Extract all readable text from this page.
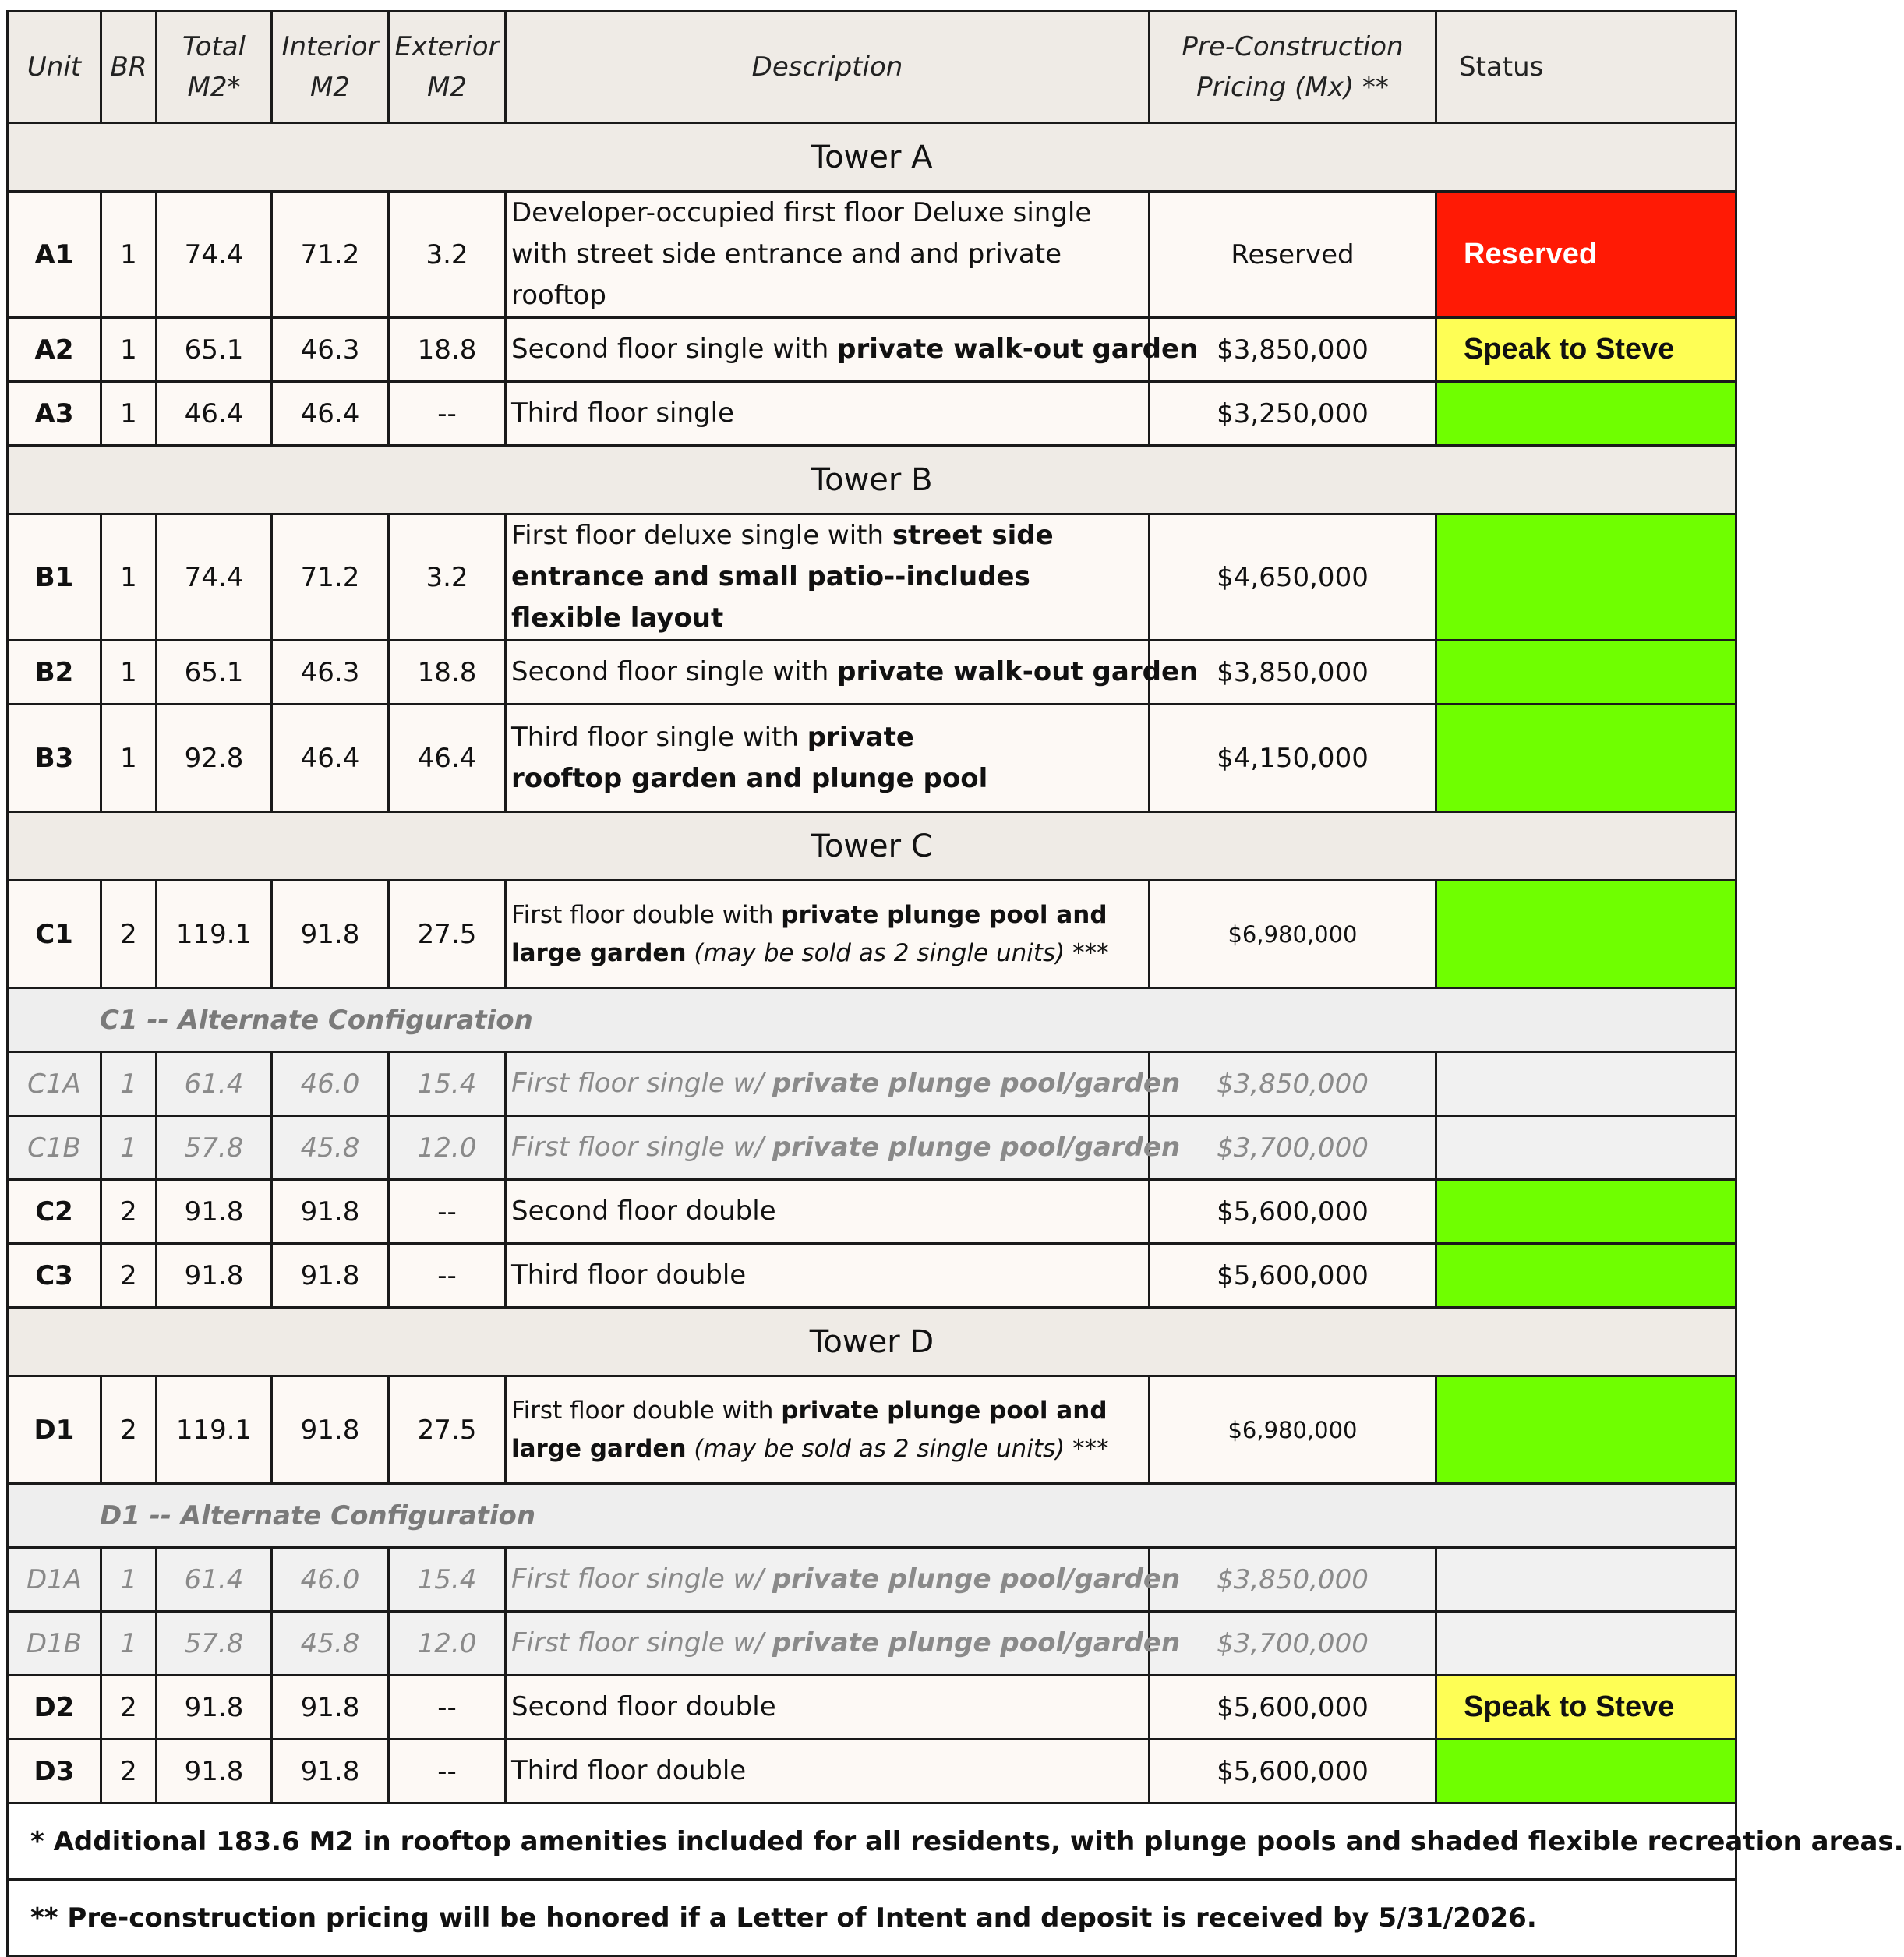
Unit	BR	Total M2*	Interior M2	Exterior M2	Description	Pre-Construction Pricing (Mx) **	Status
Tower A							
A1	1	74.4	71.2	3.2	Developer-occupied first floor Deluxe single with street side entrance and and private rooftop	Reserved	Reserved
A2	1	65.1	46.3	18.8	Second floor single with private walk-out garden	$3,850,000	Speak to Steve
A3	1	46.4	46.4	--	Third floor single	$3,250,000	
Tower B							
B1	1	74.4	71.2	3.2	First floor deluxe single with street side entrance and small patio--includes flexible layout	$4,650,000	
B2	1	65.1	46.3	18.8	Second floor single with private walk-out garden	$3,850,000	
B3	1	92.8	46.4	46.4	Third floor single with private rooftop garden and plunge pool	$4,150,000	
Tower C							
C1	2	119.1	91.8	27.5	First floor double with private plunge pool and large garden (may be sold as 2 single units) ***	$6,980,000	
C1 -- Alternate Configuration							
C1A	1	61.4	46.0	15.4	First floor single w/ private plunge pool/garden	$3,850,000	
C1B	1	57.8	45.8	12.0	First floor single w/ private plunge pool/garden	$3,700,000	
C2	2	91.8	91.8	--	Second floor double	$5,600,000	
C3	2	91.8	91.8	--	Third floor double	$5,600,000	
Tower D							
D1	2	119.1	91.8	27.5	First floor double with private plunge pool and large garden (may be sold as 2 single units) ***	$6,980,000	
D1 -- Alternate Configuration							
D1A	1	61.4	46.0	15.4	First floor single w/ private plunge pool/garden	$3,850,000	
D1B	1	57.8	45.8	12.0	First floor single w/ private plunge pool/garden	$3,700,000	
D2	2	91.8	91.8	--	Second floor double	$5,600,000	Speak to Steve
D3	2	91.8	91.8	--	Third floor double	$5,600,000	
* Additional 183.6 M2 in rooftop amenities included for all residents, with plunge pools and shaded flexible recreation areas.							
** Pre-construction pricing will be honored if a Letter of Intent and deposit is received by 5/31/2026.							
